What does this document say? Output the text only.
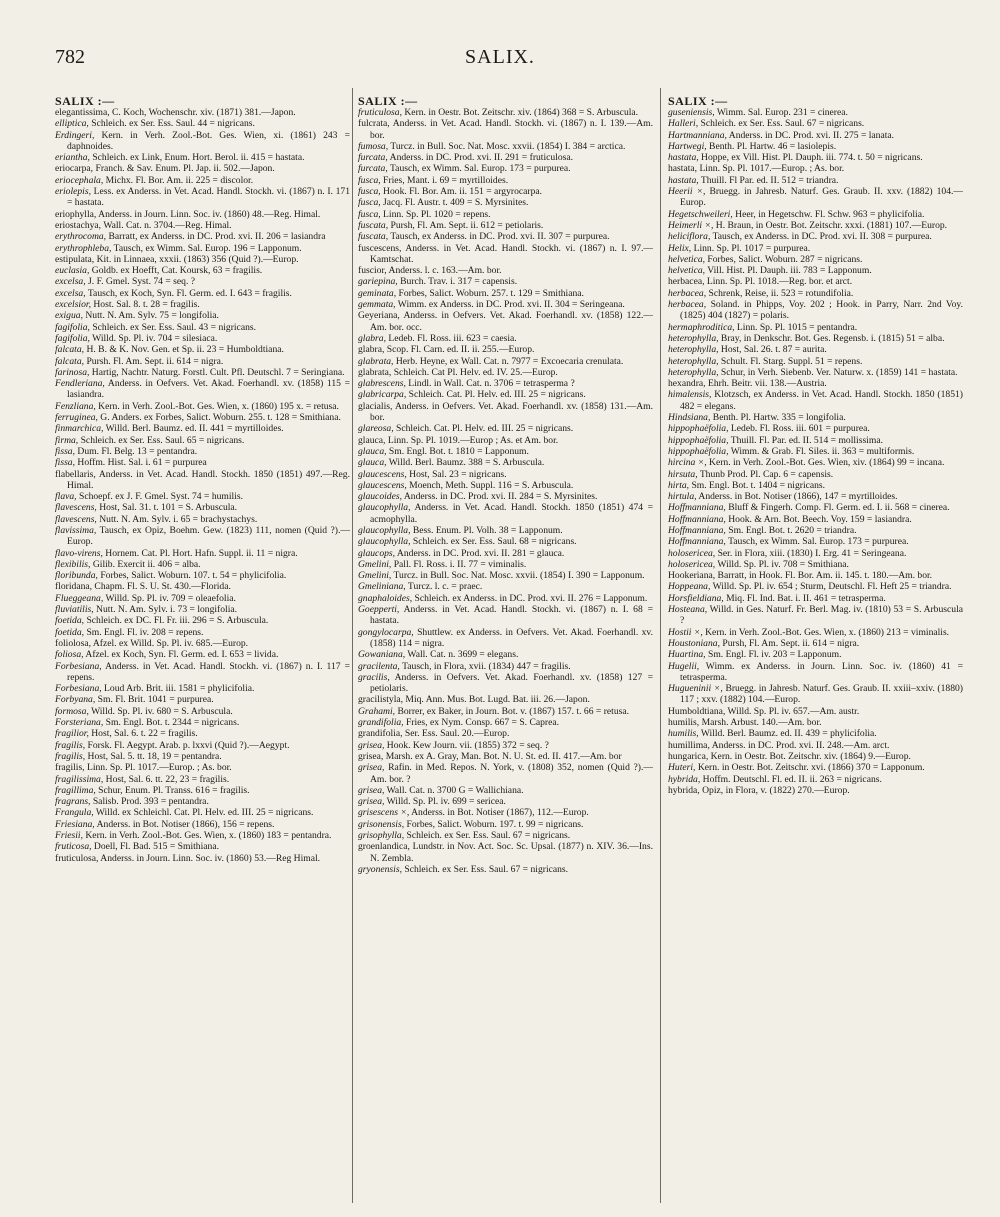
782	SALIX.
SALIX :—
elegantissima, C. Koch, Wochenschr. xiv. (1871) 381.—Japon.
elliptica, Schleich. ex Ser. Ess. Saul. 44 = nigricans.
Erdingeri, Kern. in Verh. Zool.-Bot. Ges. Wien, xi. (1861) 243 = daphnoides.
eriantha, Schleich. ex Link, Enum. Hort. Berol. ii. 415 = hastata.
eriocarpa, Franch. & Sav. Enum. Pl. Jap. ii. 502.—Japon.
eriocephala, Michx. Fl. Bor. Am. ii. 225 = discolor.
eriolepis, Less. ex Anderss. in Vet. Acad. Handl. Stockh. vi. (1867) n. I. 171 = hastata.
eriophylla, Anderss. in Journ. Linn. Soc. iv. (1860) 48.—Reg. Himal.
eriostachya, Wall. Cat. n. 3704.—Reg. Himal.
erythrocoma, Barratt, ex Anderss. in DC. Prod. xvi. II. 206 = lasiandra
erythrophleba, Tausch, ex Wimm. Sal. Europ. 196 = Lapponum.
estipulata, Kit. in Linnaea, xxxii. (1863) 356 (Quid ?).—Europ.
euclasia, Goldb. ex Hoefft, Cat. Koursk, 63 = fragilis.
excelsa, J. F. Gmel. Syst. 74 = seq. ?
excelsa, Tausch, ex Koch, Syn. Fl. Germ. ed. I. 643 = fragilis.
excelsior, Host. Sal. 8. t. 28 = fragilis.
exigua, Nutt. N. Am. Sylv. 75 = longifolia.
fagifolia, Schleich. ex Ser. Ess. Saul. 43 = nigricans.
fagifolia, Willd. Sp. Pl. iv. 704 = silesiaca.
falcata, H. B. & K. Nov. Gen. et Sp. ii. 23 = Humboldtiana.
falcata, Pursh. Fl. Am. Sept. ii. 614 = nigra.
farinosa, Hartig, Nachtr. Naturg. Forstl. Cult. Pfl. Deutschl. 7 = Seringiana.
Fendleriana, Anderss. in Oefvers. Vet. Akad. Foerhandl. xv. (1858) 115 = lasiandra.
Fenzliana, Kern. in Verh. Zool.-Bot. Ges. Wien, x. (1860) 195 x. = retusa.
ferruginea, G. Anders. ex Forbes, Salict. Woburn. 255. t. 128 = Smithiana.
finmarchica, Willd. Berl. Baumz. ed. II. 441 = myrtilloides.
firma, Schleich. ex Ser. Ess. Saul. 65 = nigricans.
fissa, Dum. Fl. Belg. 13 = pentandra.
fissa, Hoffm. Hist. Sal. i. 61 = purpurea
flabellaris, Anderss. in Vet. Acad. Handl. Stockh. 1850 (1851) 497.—Reg. Himal.
flava, Schoepf. ex J. F. Gmel. Syst. 74 = humilis.
flavescens, Host, Sal. 31. t. 101 = S. Arbuscula.
flavescens, Nutt. N. Am. Sylv. i. 65 = brachystachys.
flavissima, Tausch, ex Opiz, Boehm. Gew. (1823) 111, nomen (Quid ?).—Europ.
flavo-virens, Hornem. Cat. Pl. Hort. Hafn. Suppl. ii. 11 = nigra.
flexibilis, Gilib. Exercit ii. 406 = alba.
floribunda, Forbes, Salict. Woburn. 107. t. 54 = phylicifolia.
floridana, Chapm. Fl. S. U. St. 430.—Florida.
Flueggeana, Willd. Sp. Pl. iv. 709 = oleaefolia.
fluviatilis, Nutt. N. Am. Sylv. i. 73 = longifolia.
foetida, Schleich. ex DC. Fl. Fr. iii. 296 = S. Arbuscula.
foetida, Sm. Engl. Fl. iv. 208 = repens.
foliolosa, Afzel. ex Willd. Sp. Pl. iv. 685.—Europ.
foliosa, Afzel. ex Koch, Syn. Fl. Germ. ed. I. 653 = livida.
Forbesiana, Anderss. in Vet. Acad. Handl. Stockh. vi. (1867) n. I. 117 = repens.
Forbesiana, Loud Arb. Brit. iii. 1581 = phylicifolia.
Forbyana, Sm. Fl. Brit. 1041 = purpurea.
formosa, Willd. Sp. Pl. iv. 680 = S. Arbuscula.
Forsteriana, Sm. Engl. Bot. t. 2344 = nigricans.
fragilior, Host, Sal. 6. t. 22 = fragilis.
fragilis, Forsk. Fl. Aegypt. Arab. p. lxxvi (Quid ?).—Aegypt.
fragilis, Host, Sal. 5. tt. 18, 19 = pentandra.
fragilis, Linn. Sp. Pl. 1017.—Europ. ; As. bor.
fragilissima, Host, Sal. 6. tt. 22, 23 = fragilis.
fragillima, Schur, Enum. Pl. Transs. 616 = fragilis.
fragrans, Salisb. Prod. 393 = pentandra.
Frangula, Willd. ex Schleichl. Cat. Pl. Helv. ed. III. 25 = nigricans.
Friesiana, Anderss. in Bot. Notiser (1866), 156 = repens.
Friesii, Kern. in Verh. Zool.-Bot. Ges. Wien, x. (1860) 183 = pentandra.
fruticosa, Doell, Fl. Bad. 515 = Smithiana.
fruticulosa, Anderss. in Journ. Linn. Soc. iv. (1860) 53.—Reg Himal.
SALIX :—
fruticulosa, Kern. in Oestr. Bot. Zeitschr. xiv. (1864) 368 = S. Arbuscula.
fulcrata, Anderss. in Vet. Acad. Handl. Stockh. vi. (1867) n. I. 139.—Am. bor.
fumosa, Turcz. in Bull. Soc. Nat. Mosc. xxvii. (1854) I. 384 = arctica.
furcata, Anderss. in DC. Prod. xvi. II. 291 = fruticulosa.
furcata, Tausch, ex Wimm. Sal. Europ. 173 = purpurea.
fusca, Fries, Mant. i. 69 = myrtilloides.
fusca, Hook. Fl. Bor. Am. ii. 151 = argyrocarpa.
fusca, Jacq. Fl. Austr. t. 409 = S. Myrsinites.
fusca, Linn. Sp. Pl. 1020 = repens.
fuscata, Pursh, Fl. Am. Sept. ii. 612 = petiolaris.
fuscata, Tausch, ex Anderss. in DC. Prod. xvi. II. 307 = purpurea.
fuscescens, Anderss. in Vet. Acad. Handl. Stockh. vi. (1867) n. I. 97.—Kamtschat.
fuscior, Anderss. l. c. 163.—Am. bor.
gariepina, Burch. Trav. i. 317 = capensis.
geminata, Forbes, Salict. Woburn. 257. t. 129 = Smithiana.
gemmata, Wimm. ex Anderss. in DC. Prod. xvi. II. 304 = Seringeana.
Geyeriana, Anderss. in Oefvers. Vet. Akad. Foerhandl. xv. (1858) 122.—Am. bor. occ.
glabra, Ledeb. Fl. Ross. iii. 623 = caesia.
glabra, Scop. Fl. Carn. ed. II. ii. 255.—Europ.
glabrata, Herb. Heyne, ex Wall. Cat. n. 7977 = Excoecaria crenulata.
glabrata, Schleich. Cat Pl. Helv. ed. IV. 25.—Europ.
glabrescens, Lindl. in Wall. Cat. n. 3706 = tetrasperma ?
glabricarpa, Schleich. Cat. Pl. Helv. ed. III. 25 = nigricans.
glacialis, Anderss. in Oefvers. Vet. Akad. Foerhandl. xv. (1858) 131.—Am. bor.
glareosa, Schleich. Cat. Pl. Helv. ed. III. 25 = nigricans.
glauca, Linn. Sp. Pl. 1019.—Europ ; As. et Am. bor.
glauca, Sm. Engl. Bot. t. 1810 = Lapponum.
glauca, Willd. Berl. Baumz. 388 = S. Arbuscula.
glaucescens, Host, Sal. 23 = nigricans.
glaucescens, Moench, Meth. Suppl. 116 = S. Arbuscula.
glaucoides, Anderss. in DC. Prod. xvi. II. 284 = S. Myrsinites.
glaucophylla, Anderss. in Vet. Acad. Handl. Stockh. 1850 (1851) 474 = acmophylla.
glaucophylla, Bess. Enum. Pl. Volh. 38 = Lapponum.
glaucophylla, Schleich. ex Ser. Ess. Saul. 68 = nigricans.
glaucops, Anderss. in DC. Prod. xvi. II. 281 = glauca.
Gmelini, Pall. Fl. Ross. i. II. 77 = viminalis.
Gmelini, Turcz. in Bull. Soc. Nat. Mosc. xxvii. (1854) I. 390 = Lapponum.
Gmeliniana, Turcz. l. c. = praec.
gnaphaloides, Schleich. ex Anderss. in DC. Prod. xvi. II. 276 = Lapponum.
Goepperti, Anderss. in Vet. Acad. Handl. Stockh. vi. (1867) n. I. 68 = hastata.
gongylocarpa, Shuttlew. ex Anderss. in Oefvers. Vet. Akad. Foerhandl. xv. (1858) 114 = nigra.
Gowaniana, Wall. Cat. n. 3699 = elegans.
gracilenta, Tausch, in Flora, xvii. (1834) 447 = fragilis.
gracilis, Anderss. in Oefvers. Vet. Akad. Foerhandl. xv. (1858) 127 = petiolaris.
gracilistyla, Miq. Ann. Mus. Bot. Lugd. Bat. iii. 26.—Japon.
Grahami, Borrer, ex Baker, in Journ. Bot. v. (1867) 157. t. 66 = retusa.
grandifolia, Fries, ex Nym. Consp. 667 = S. Caprea.
grandifolia, Ser. Ess. Saul. 20.—Europ.
grisea, Hook. Kew Journ. vii. (1855) 372 = seq. ?
grisea, Marsh. ex A. Gray, Man. Bot. N. U. St. ed. II. 417.—Am. bor
grisea, Rafin. in Med. Repos. N. York, v. (1808) 352, nomen (Quid ?).—Am. bor. ?
grisea, Wall. Cat. n. 3700 G = Wallichiana.
grisea, Willd. Sp. Pl. iv. 699 = sericea.
grisescens ×, Anderss. in Bot. Notiser (1867), 112.—Europ.
grisonensis, Forbes, Salict. Woburn. 197. t. 99 = nigricans.
grisophylla, Schleich. ex Ser. Ess. Saul. 67 = nigricans.
groenlandica, Lundstr. in Nov. Act. Soc. Sc. Upsal. (1877) n. XIV. 36.—Ins. N. Zembla.
gryonensis, Schleich. ex Ser. Ess. Saul. 67 = nigricans.
SALIX :—
guseniensis, Wimm. Sal. Europ. 231 = cinerea.
Halleri, Schleich. ex Ser. Ess. Saul. 67 = nigricans.
Hartmanniana, Anderss. in DC. Prod. xvi. II. 275 = lanata.
Hartwegi, Benth. Pl. Hartw. 46 = lasiolepis.
hastata, Hoppe, ex Vill. Hist. Pl. Dauph. iii. 774. t. 50 = nigricans.
hastata, Linn. Sp. Pl. 1017.—Europ. ; As. bor.
hastata, Thuill. Fl Par. ed. II. 512 = triandra.
Heerii ×, Bruegg. in Jahresb. Naturf. Ges. Graub. II. xxv. (1882) 104.—Europ.
Hegetschweileri, Heer, in Hegetschw. Fl. Schw. 963 = phylicifolia.
Heimerli ×, H. Braun, in Oestr. Bot. Zeitschr. xxxi. (1881) 107.—Europ.
heliciflora, Tausch, ex Anderss. in DC. Prod. xvi. II. 308 = purpurea.
Helix, Linn. Sp. Pl. 1017 = purpurea.
helvetica, Forbes, Salict. Woburn. 287 = nigricans.
helvetica, Vill. Hist. Pl. Dauph. iii. 783 = Lapponum.
herbacea, Linn. Sp. Pl. 1018.—Reg. bor. et arct.
herbacea, Schrenk, Reise, ii. 523 = rotundifolia.
herbacea, Soland. in Phipps, Voy. 202 ; Hook. in Parry, Narr. 2nd Voy. (1825) 404 (1827) = polaris.
hermaphroditica, Linn. Sp. Pl. 1015 = pentandra.
heterophylla, Bray, in Denkschr. Bot. Ges. Regensb. i. (1815) 51 = alba.
heterophylla, Host, Sal. 26. t. 87 = aurita.
heterophylla, Schult. Fl. Starg. Suppl. 51 = repens.
heterophylla, Schur, in Verh. Siebenb. Ver. Naturw. x. (1859) 141 = hastata.
hexandra, Ehrh. Beitr. vii. 138.—Austria.
himalensis, Klotzsch, ex Anderss. in Vet. Acad. Handl. Stockh. 1850 (1851) 482 = elegans.
Hindsiana, Benth. Pl. Hartw. 335 = longifolia.
hippophaëfolia, Ledeb. Fl. Ross. iii. 601 = purpurea.
hippophaëfolia, Thuill. Fl. Par. ed. II. 514 = mollissima.
hippophaëfolia, Wimm. & Grab. Fl. Siles. ii. 363 = multiformis.
hircina ×, Kern. in Verh. Zool.-Bot. Ges. Wien, xiv. (1864) 99 = incana.
hirsuta, Thunb Prod. Pl. Cap. 6 = capensis.
hirta, Sm. Engl. Bot. t. 1404 = nigricans.
hirtula, Anderss. in Bot. Notiser (1866), 147 = myrtilloides.
Hoffmanniana, Bluff & Fingerh. Comp. Fl. Germ. ed. I. ii. 568 = cinerea.
Hoffmanniana, Hook. & Arn. Bot. Beech. Voy. 159 = lasiandra.
Hoffmanniana, Sm. Engl. Bot. t. 2620 = triandra.
Hoffmanniana, Tausch, ex Wimm. Sal. Europ. 173 = purpurea.
holosericea, Ser. in Flora, xiii. (1830) I. Erg. 41 = Seringeana.
holosericea, Willd. Sp. Pl. iv. 708 = Smithiana.
Hookeriana, Barratt, in Hook. Fl. Bor. Am. ii. 145. t. 180.—Am. bor.
Hoppeana, Willd. Sp. Pl. iv. 654 ; Sturm, Deutschl. Fl. Heft 25 = triandra.
Horsfieldiana, Miq. Fl. Ind. Bat. i. II. 461 = tetrasperma.
Hosteana, Willd. in Ges. Naturf. Fr. Berl. Mag. iv. (1810) 53 = S. Arbuscula ?
Hostii ×, Kern. in Verh. Zool.-Bot. Ges. Wien, x. (1860) 213 = viminalis.
Houstoniana, Pursh, Fl. Am. Sept. ii. 614 = nigra.
Huartina, Sm. Engl. Fl. iv. 203 = Lapponum.
Hugelii, Wimm. ex Anderss. in Journ. Linn. Soc. iv. (1860) 41 = tetrasperma.
Hugueninii ×, Bruegg. in Jahresb. Naturf. Ges. Graub. II. xxiii–xxiv. (1880) 117 ; xxv. (1882) 104.—Europ.
Humboldtiana, Willd. Sp. Pl. iv. 657.—Am. austr.
humilis, Marsh. Arbust. 140.—Am. bor.
humilis, Willd. Berl. Baumz. ed. II. 439 = phylicifolia.
humillima, Anderss. in DC. Prod. xvi. II. 248.—Am. arct.
hungarica, Kern. in Oestr. Bot. Zeitschr. xiv. (1864) 9.—Europ.
Huteri, Kern. in Oestr. Bot. Zeitschr. xvi. (1866) 370 = Lapponum.
hybrida, Hoffm. Deutschl. Fl. ed. II. ii. 263 = nigricans.
hybrida, Opiz, in Flora, v. (1822) 270.—Europ.
